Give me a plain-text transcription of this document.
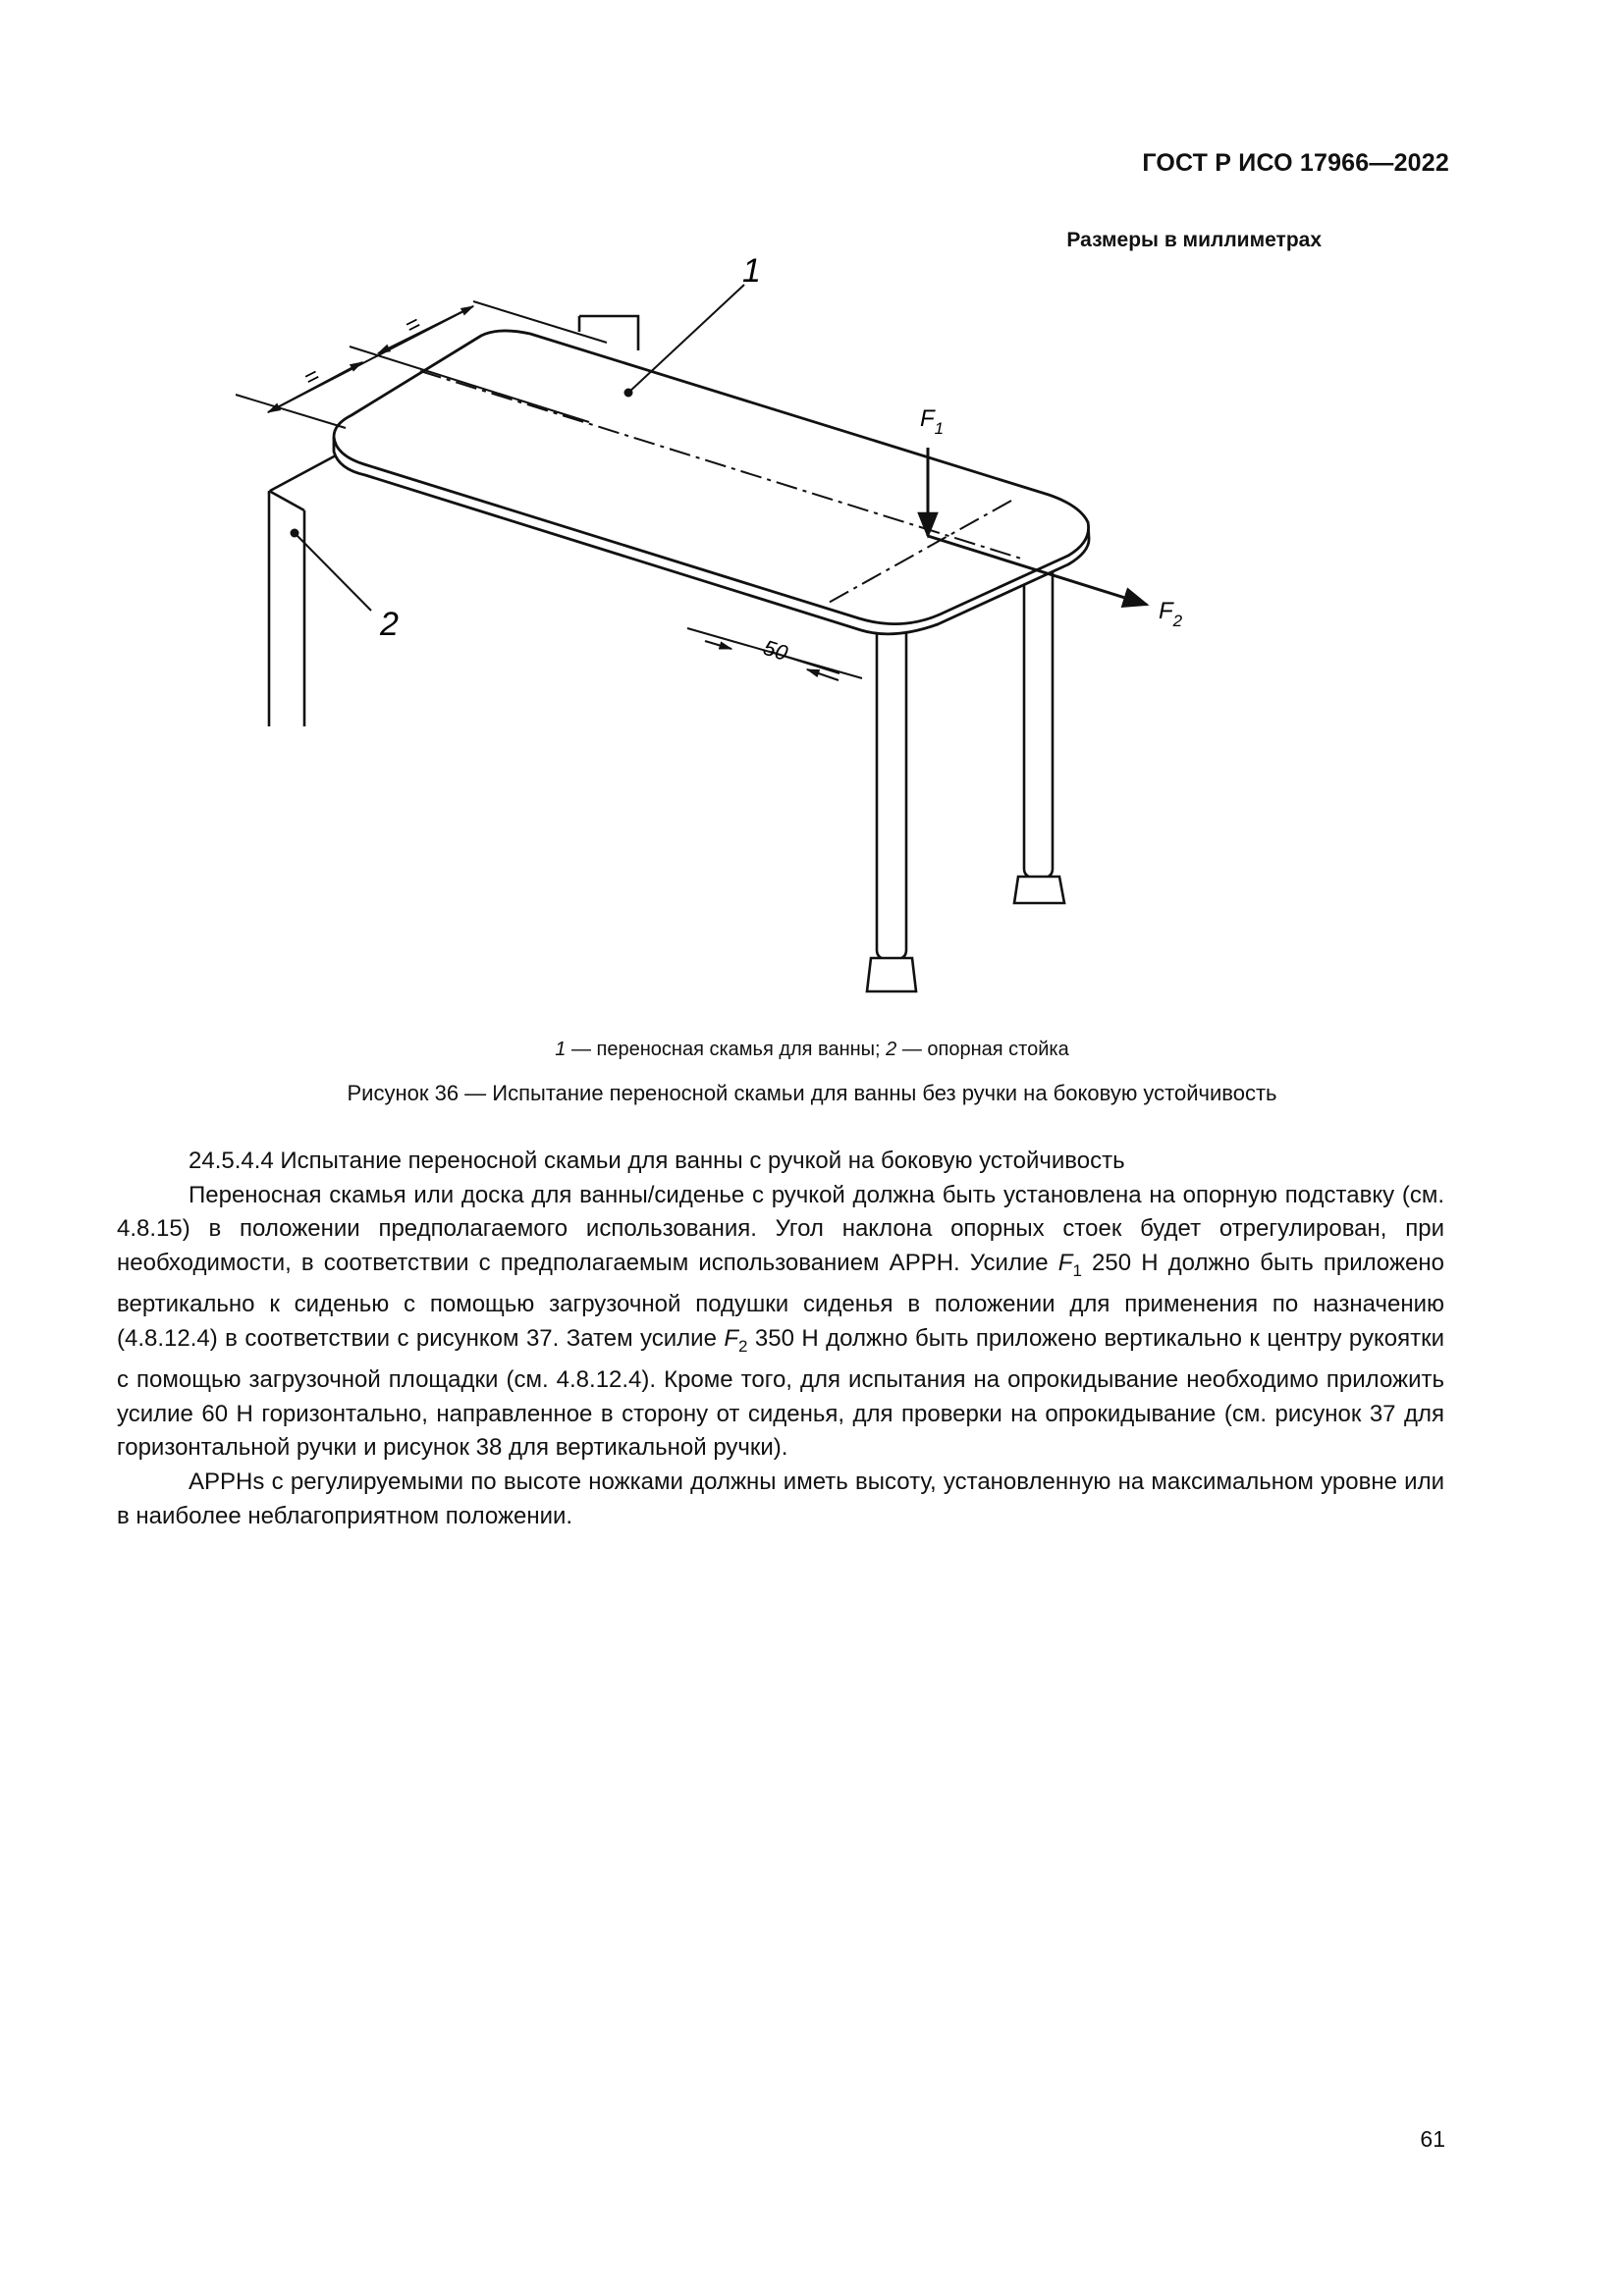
ГОСТ Р ИСО 17966—2022
Размеры в миллиметрах
=
=
50
$F_1$
$F_2$
1
2
1 — переносная скамья для ванны; 2 — опорная стойка
Рисунок 36 — Испытание переносной скамьи для ванны без ручки на боковую устойчивость

24.5.4.4 Испытание переносной скамьи для ванны с ручкой на боковую устойчивость

Переносная скамья или доска для ванны/сиденье с ручкой должна быть установлена на опорную подставку (см. 4.8.15) в положении предполагаемого использования. Угол наклона опорных стоек будет отрегулирован, при необходимости, в соответствии с предполагаемым использованием APPH. Усилие $F_1$ 250 Н должно быть приложено вертикально к сиденью с помощью загрузочной подушки сиденья в положении для применения по назначению (4.8.12.4) в соответствии с рисунком 37. Затем усилие $F_2$ 350 Н должно быть приложено вертикально к центру рукоятки с помощью загрузочной площадки (см. 4.8.12.4). Кроме того, для испытания на опрокидывание необходимо приложить усилие 60 Н горизонтально, направленное в сторону от сиденья, для проверки на опрокидывание (см. рисунок 37 для горизонтальной ручки и рисунок 38 для вертикальной ручки).

APPHs с регулируемыми по высоте ножками должны иметь высоту, установленную на максимальном уровне или в наиболее неблагоприятном положении.

61
